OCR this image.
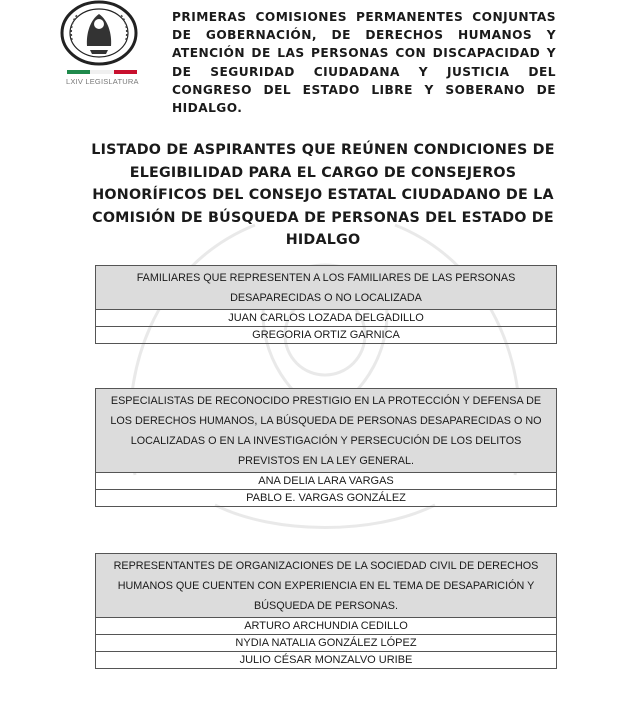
LXIV LEGISLATURA
PRIMERAS COMISIONES PERMANENTES CONJUNTAS DE GOBERNACIÓN, DE DERECHOS HUMANOS Y ATENCIÓN DE LAS PERSONAS CON DISCAPACIDAD Y DE SEGURIDAD CIUDADANA Y JUSTICIA DEL CONGRESO DEL ESTADO LIBRE Y SOBERANO DE HIDALGO.
LISTADO DE ASPIRANTES QUE REÚNEN CONDICIONES DE ELEGIBILIDAD PARA EL CARGO DE CONSEJEROS HONORÍFICOS DEL CONSEJO ESTATAL CIUDADANO DE LA COMISIÓN DE BÚSQUEDA DE PERSONAS DEL ESTADO DE HIDALGO
FAMILIARES QUE REPRESENTEN A LOS FAMILIARES DE LAS PERSONAS DESAPARECIDAS O NO LOCALIZADA
JUAN CARLOS LOZADA DELGADILLO
GREGORIA ORTIZ GARNICA
ESPECIALISTAS DE RECONOCIDO PRESTIGIO EN LA PROTECCIÓN Y DEFENSA DE LOS DERECHOS HUMANOS, LA BÚSQUEDA DE PERSONAS DESAPARECIDAS O NO LOCALIZADAS O EN LA INVESTIGACIÓN Y PERSECUCIÓN DE LOS DELITOS PREVISTOS EN LA LEY GENERAL.
ANA DELIA LARA VARGAS
PABLO E. VARGAS GONZÁLEZ
REPRESENTANTES DE ORGANIZACIONES DE LA SOCIEDAD CIVIL DE DERECHOS HUMANOS QUE CUENTEN CON EXPERIENCIA EN EL TEMA DE DESAPARICIÓN Y BÚSQUEDA DE PERSONAS.
ARTURO ARCHUNDIA CEDILLO
NYDIA NATALIA GONZÁLEZ LÓPEZ
JULIO CÉSAR MONZALVO URIBE
